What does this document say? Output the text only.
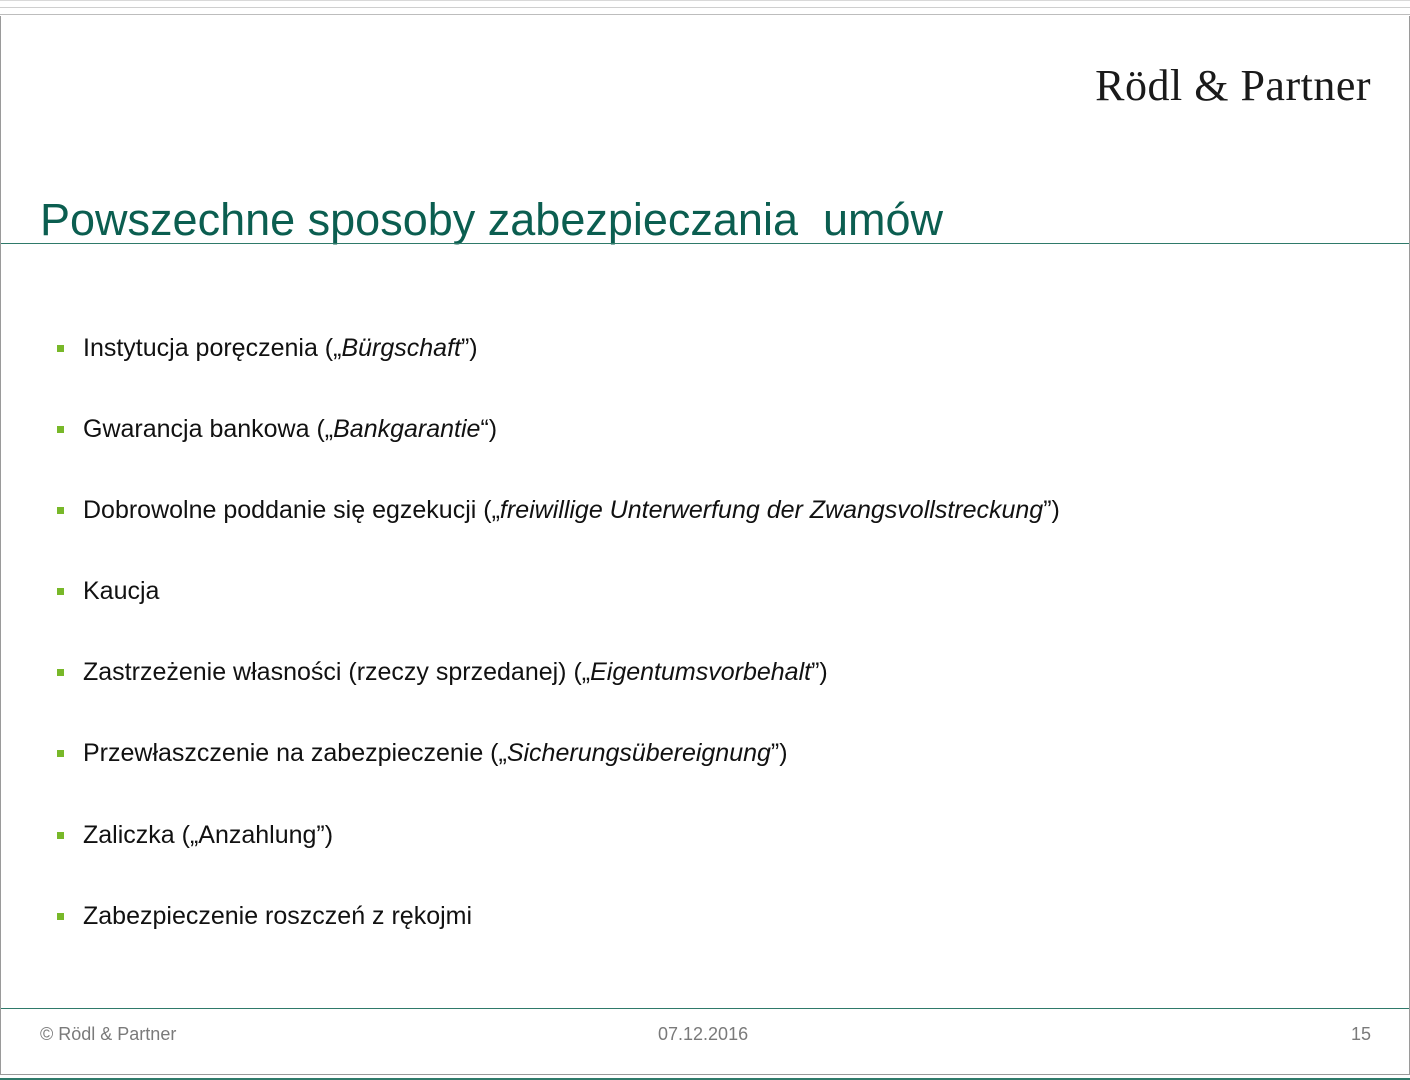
Rödl & Partner
Powszechne sposoby zabezpieczania  umów
Instytucja poręczenia („Bürgschaft”)
Gwarancja bankowa („Bankgarantie“)
Dobrowolne poddanie się egzekucji („freiwillige Unterwerfung der Zwangsvollstreckung”)
Kaucja
Zastrzeżenie własności (rzeczy sprzedanej) („Eigentumsvorbehalt”)
Przewłaszczenie na zabezpieczenie („Sicherungsübereignung”)
Zaliczka („Anzahlung”)
Zabezpieczenie roszczeń z rękojmi
© Rödl & Partner	07.12.2016	15
